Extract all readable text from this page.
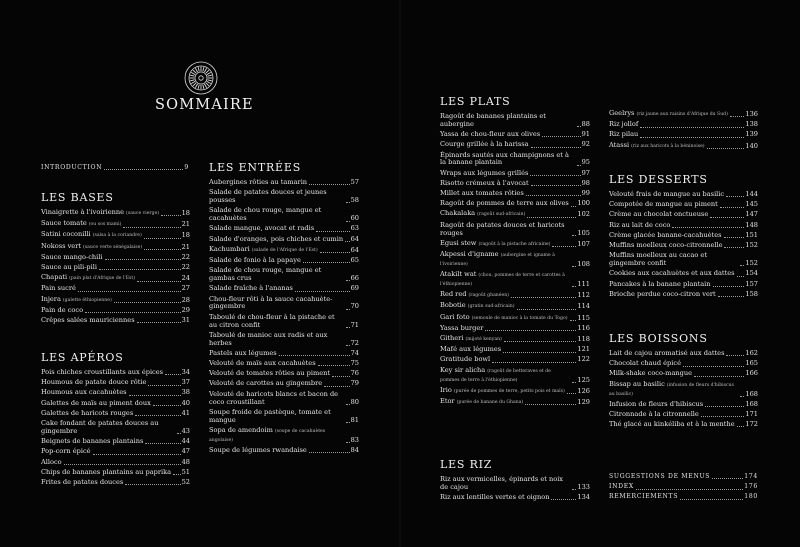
SOMMAIRE
INTRODUCTION	9
LES BASES
Vinaigrette à l'ivoirienne (sauce vierge)	18
Sauce tomate (ou sos mami)	21
Satini coconilli (salsa à la coriandre)	18
Nokoss vert (sauce verte sénégalaise)	21
Sauce mango-chili	22
Sauce au pili-pili	22
Chapati (pain plat d'Afrique de l'Est)	24
Pain sucré	27
Injera (galette éthiopienne)	28
Pain de coco	29
Crêpes salées mauriciennes	31
LES APÉROS
Pois chiches croustillants aux épices	34
Houmous de patate douce rôtie	37
Houmous aux cacahuètes	38
Galettes de maïs au piment doux	40
Galettes de haricots rouges	41
Cake fondant de patates douces au gingembre	43
Beignets de bananes plantains	44
Pop-corn épicé	47
Alloco	48
Chips de bananes plantains au paprika 51
Frites de patates douces	52
LES ENTRÉES
Aubergines rôties au tamarin	57
Salade de patates douces et jeunes pousses	58
Salade de chou rouge, mangue et cacahuètes	60
Salade mangue, avocat et radis	63
Salade d'oranges, pois chiches et cumin 64
Kachumbari (salade de l'Afrique de l'Est)	64
Salade de fonio à la papaye	65
Salade de chou rouge, mangue et gambas crus	66
Salade fraîche à l'ananas	69
Chou-fleur rôti à la sauce cacahuète-gingembre	70
Taboulé de chou-fleur à la pistache et au citron confit	71
Taboulé de manioc aux radis et aux herbes	72
Pastels aux légumes	74
Velouté de maïs aux cacahuètes	75
Velouté de tomates rôties au piment	76
Velouté de carottes au gingembre	79
Velouté de haricots blancs et bacon de coco croustillant	80
Soupe froide de pastèque, tomate et mangue	81
Sopa de amendoim (soupe de cacahuètes angolaise)	83
Soupe de légumes rwandaise	84
LES PLATS
Ragoût de bananes plantains et aubergine	88
Yassa de chou-fleur aux olives	91
Courge grillée à la harissa	92
Épinards sautés aux champignons et à la banane plantain	95
Wraps aux légumes grillés	97
Risotto crémeux à l'avocat	98
Millet aux tomates rôties	99
Ragoût de pommes de terre aux olives 100
Chakalaka (ragoût sud-africain)	102
Ragoût de patates douces et haricots rouges	105
Egusi stew (ragoût à la pistache africaine)	107
Akpessi d'igname (aubergine et igname à l'ivoirienne)	108
Atakilt wat (chou, pommes de terre et carottes à l'éthiopienne)	111
Red red (ragoût ghanéen)	112
Bobotie (gratin sud-africain)	114
Gari foto (semoule de manioc à la tomate du Togo) 115
Yassa burger	116
Githeri (mijoté kenyan)	118
Mafé aux légumes	121
Gratitude bowl	122
Key sir alicha (ragoût de betteraves et de pommes de terre à l'éthiopienne)	125
Irio (purée de pommes de terre, petits pois et maïs) 126
Etor (purée de banane du Ghana)	129
LES RIZ
Riz aux vermicelles, épinards et noix de cajou	133
Riz aux lentilles vertes et oignon	134
Geelrys (riz jaune aux raisins d'Afrique du Sud)	136
Riz jollof	138
Riz pilau	139
Atassi (riz aux haricots à la béninoise)	140
LES DESSERTS
Velouté frais de mangue au basilic	144
Compotée de mangue au piment	145
Crème au chocolat onctueuse	147
Riz au lait de coco	148
Crème glacée banane-cacahuètes	151
Muffins moelleux coco-citronnelle	152
Muffins moelleux au cacao et gingembre confit	152
Cookies aux cacahuètes et aux dattes 154
Pancakes à la banane plantain	157
Brioche perdue coco-citron vert	158
LES BOISSONS
Lait de cajou aromatisé aux dattes	162
Chocolat chaud épicé	165
Milk-shake coco-mangue	166
Bissap au basilic (infusion de fleurs d'hibiscus au basilic)	168
Infusion de fleurs d'hibiscus	168
Citronnade à la citronnelle	171
Thé glacé au kinkéliba et à la menthe 172
SUGGESTIONS DE MENUS	174
INDEX	176
REMERCIEMENTS	180
